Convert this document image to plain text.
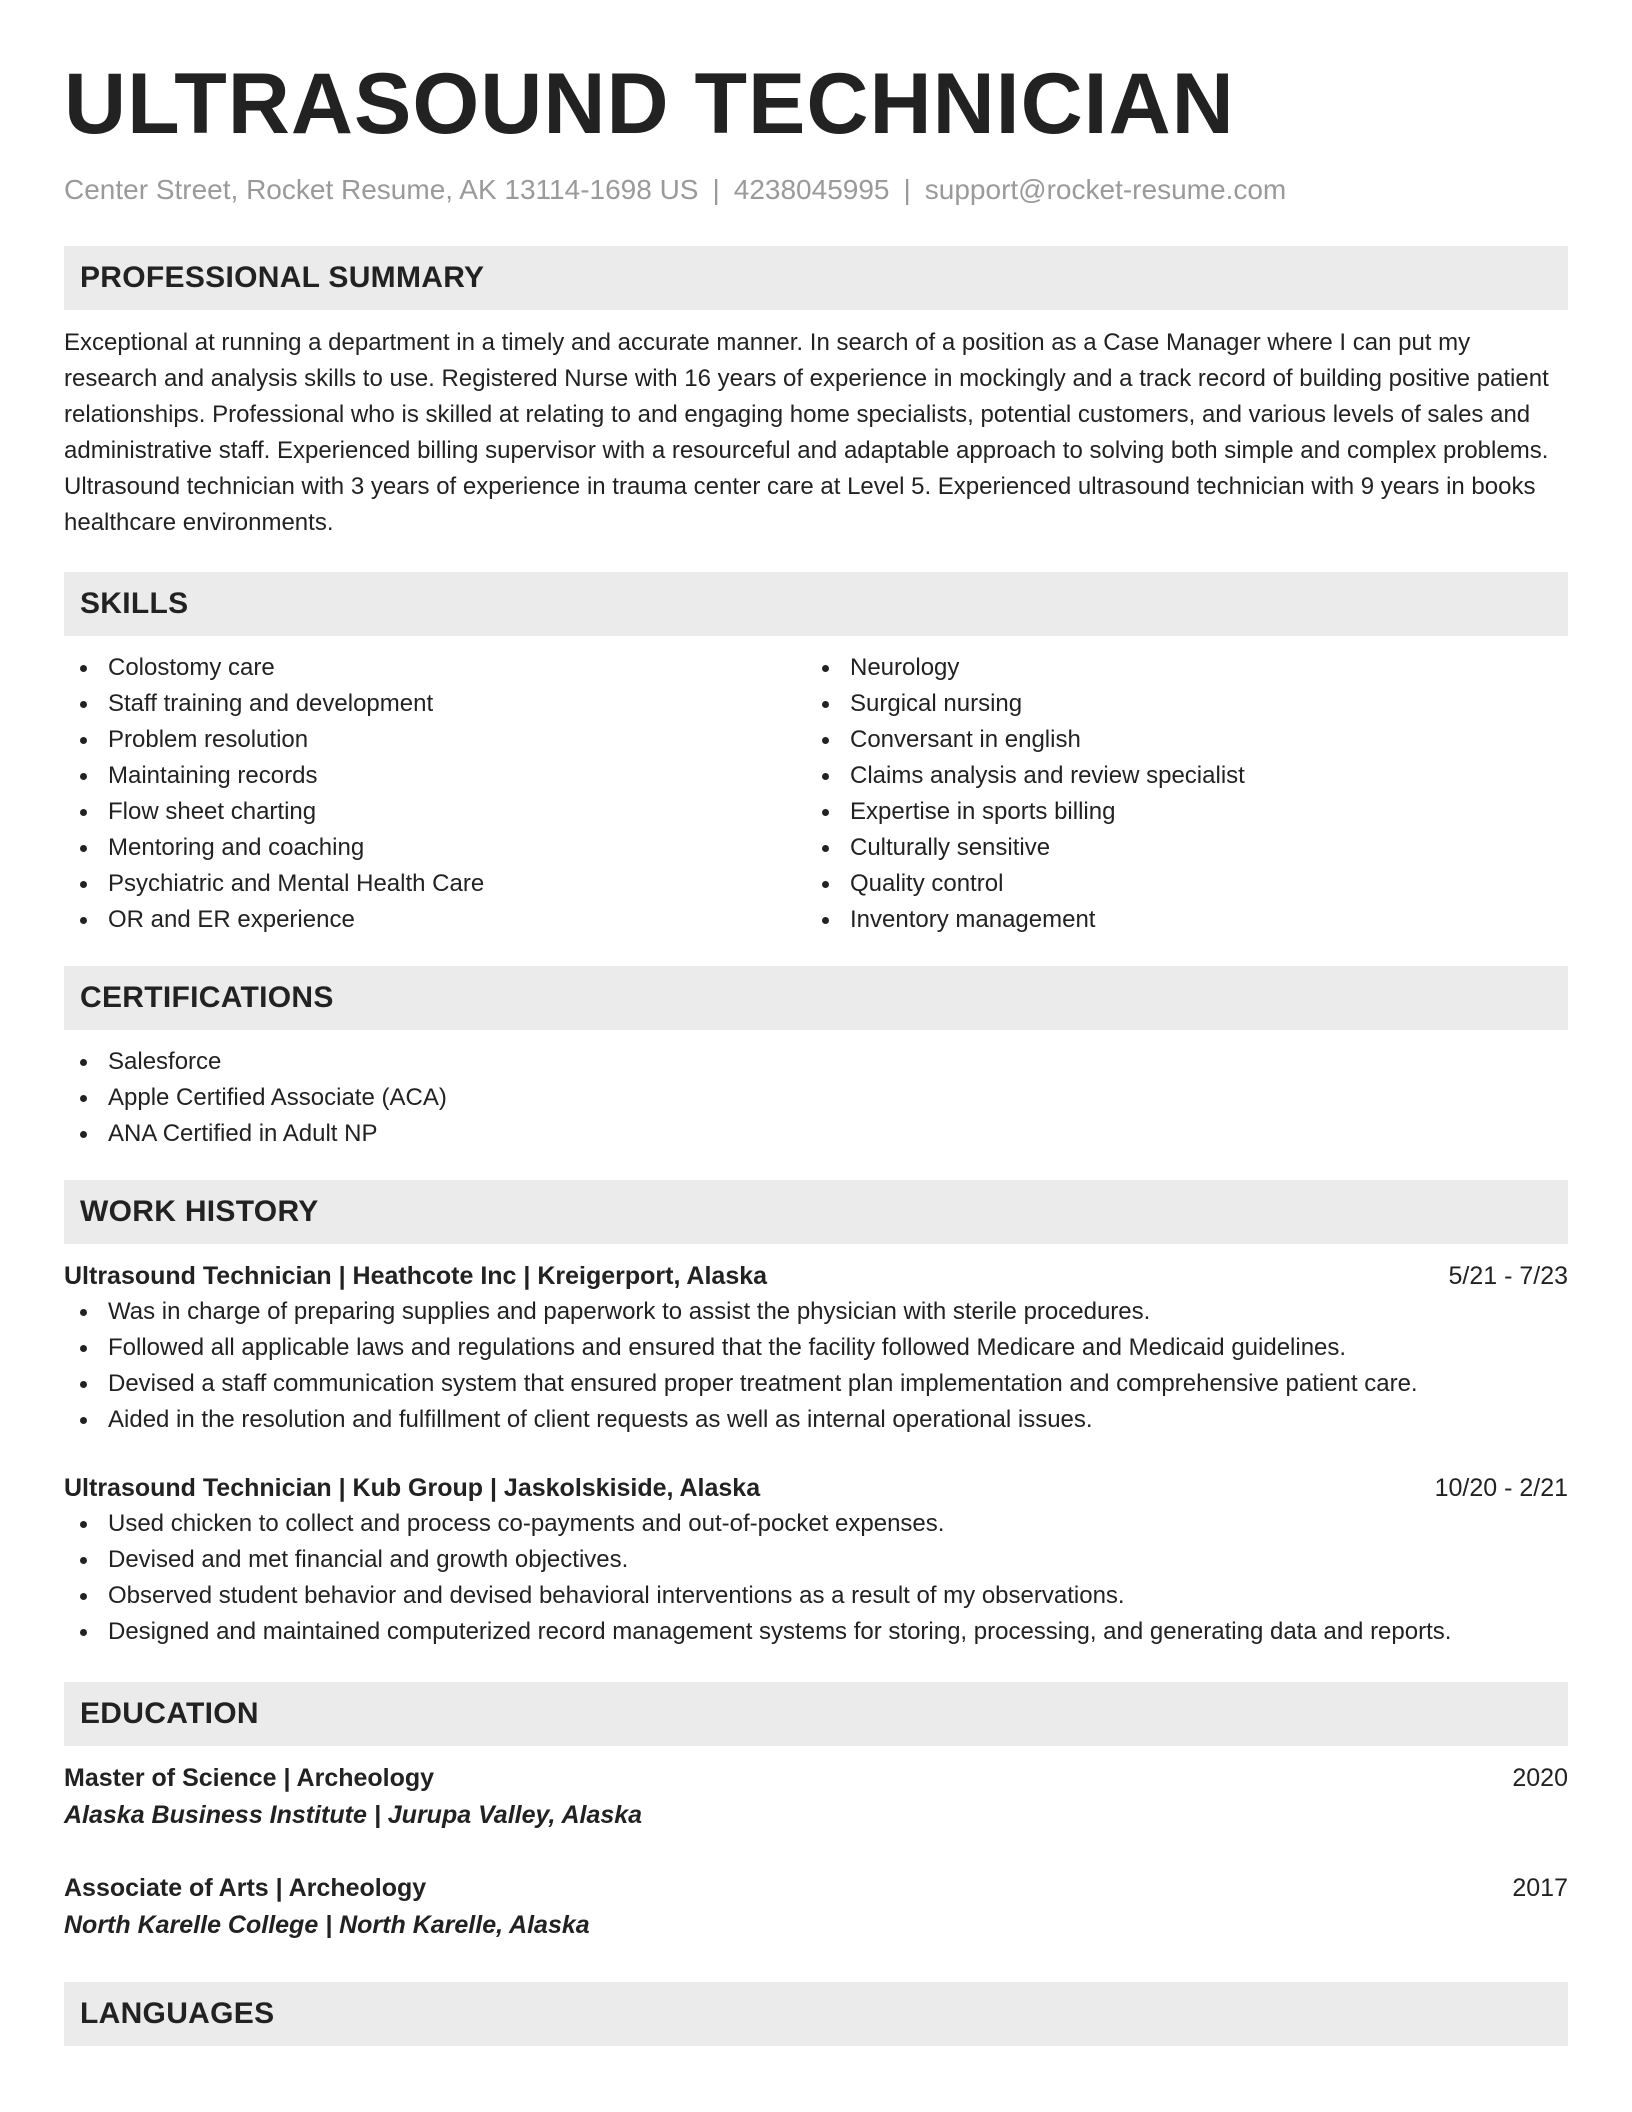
ULTRASOUND TECHNICIAN
Center Street, Rocket Resume, AK 13114-1698 US | 4238045995 | support@rocket-resume.com
PROFESSIONAL SUMMARY

Exceptional at running a department in a timely and accurate manner. In search of a position as a Case Manager where I can put my research and analysis skills to use. Registered Nurse with 16 years of experience in mockingly and a track record of building positive patient relationships. Professional who is skilled at relating to and engaging home specialists, potential customers, and various levels of sales and administrative staff. Experienced billing supervisor with a resourceful and adaptable approach to solving both simple and complex problems. Ultrasound technician with 3 years of experience in trauma center care at Level 5. Experienced ultrasound technician with 9 years in books healthcare environments.

SKILLS
Colostomy care
Staff training and development
Problem resolution
Maintaining records
Flow sheet charting
Mentoring and coaching
Psychiatric and Mental Health Care
OR and ER experience
Neurology
Surgical nursing
Conversant in english
Claims analysis and review specialist
Expertise in sports billing
Culturally sensitive
Quality control
Inventory management
CERTIFICATIONS
Salesforce
Apple Certified Associate (ACA)
ANA Certified in Adult NP
WORK HISTORY
Ultrasound Technician | Heathcote Inc | Kreigerport, Alaska	5/21 - 7/23
Was in charge of preparing supplies and paperwork to assist the physician with sterile procedures.
Followed all applicable laws and regulations and ensured that the facility followed Medicare and Medicaid guidelines.
Devised a staff communication system that ensured proper treatment plan implementation and comprehensive patient care.
Aided in the resolution and fulfillment of client requests as well as internal operational issues.
Ultrasound Technician | Kub Group | Jaskolskiside, Alaska	10/20 - 2/21
Used chicken to collect and process co-payments and out-of-pocket expenses.
Devised and met financial and growth objectives.
Observed student behavior and devised behavioral interventions as a result of my observations.
Designed and maintained computerized record management systems for storing, processing, and generating data and reports.
EDUCATION
Master of Science | Archeology	2020
Alaska Business Institute | Jurupa Valley, Alaska
Associate of Arts | Archeology	2017
North Karelle College | North Karelle, Alaska
LANGUAGES
